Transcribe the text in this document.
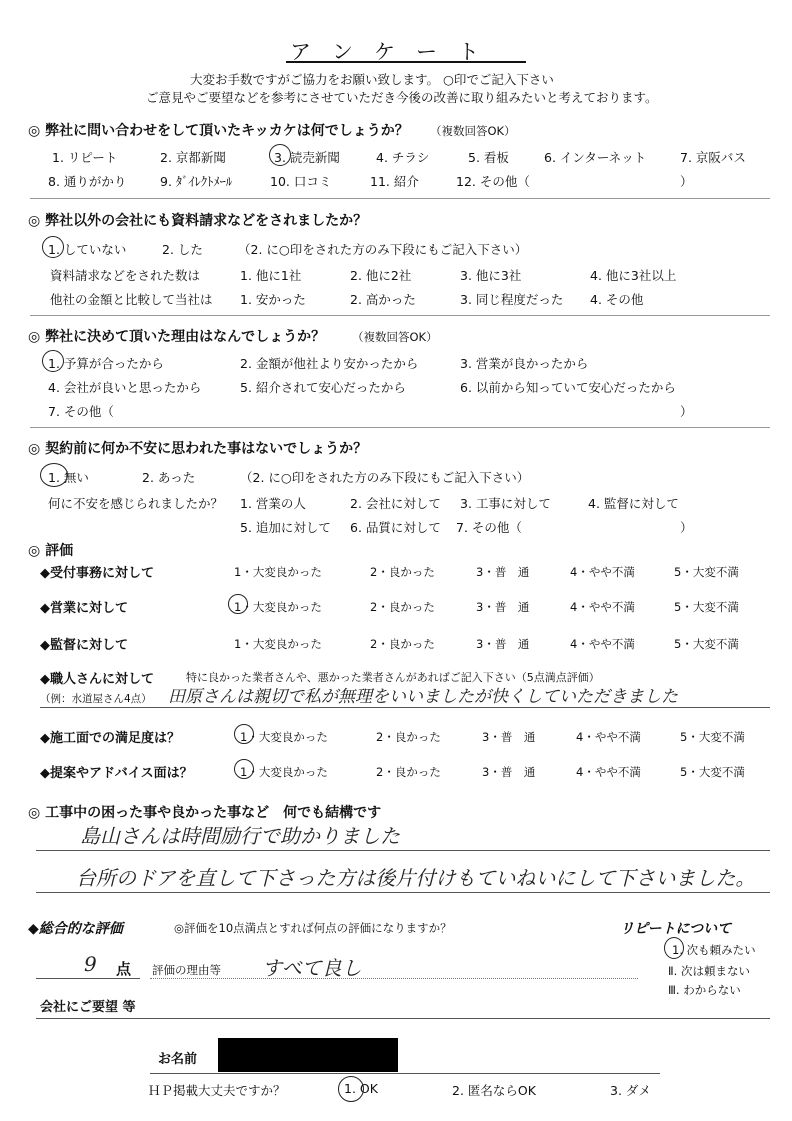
ア　ン　ケ　ー　ト
大変お手数ですがご協力をお願い致します。 ○印でご記入下さい
ご意見やご要望などを参考にさせていただき今後の改善に取り組みたいと考えております。
◎ 弊社に問い合わせをして頂いたキッカケは何でしょうか？ （複数回答OK）
1. リピート	2. 京都新聞	3. 読売新聞	4. チラシ	5. 看板	6. インターネット	7. 京阪バス
8. 通りがかり	9. ﾀﾞｲﾚｸﾄﾒｰﾙ	10. 口コミ	11. 紹介	12. その他（	）
◎ 弊社以外の会社にも資料請求などをされましたか？
1. していない	2. した	（2. に○印をされた方のみ下段にもご記入下さい）
資料請求などをされた数は	1. 他に1社	2. 他に2社	3. 他に3社	4. 他に3社以上
他社の金額と比較して当社は 1. 安かった	2. 高かった	3. 同じ程度だった 4. その他
◎ 弊社に決めて頂いた理由はなんでしょうか？ （複数回答OK）
1. 予算が合ったから	2. 金額が他社より安かったから	3. 営業が良かったから
4. 会社が良いと思ったから	5. 紹介されて安心だったから	6. 以前から知っていて安心だったから
7. その他（	）
◎ 契約前に何か不安に思われた事はないでしょうか？
1. 無い	2. あった	（2. に○印をされた方のみ下段にもご記入下さい）
何に不安を感じられましたか？ 1. 営業の人	2. 会社に対して 3. 工事に対して	4. 監督に対して
5. 追加に対して 6. 品質に対して 7. その他（	）
◎ 評価
◆受付事務に対して	1・大変良かった	2・良かった	3・普　通	4・やや不満	5・大変不満
◆営業に対して	1・大変良かった	2・良かった	3・普　通	4・やや不満	5・大変不満
◆監督に対して	1・大変良かった	2・良かった	3・普　通	4・やや不満	5・大変不満
◆職人さんに対して	特に良かった業者さんや、悪かった業者さんがあればご記入下さい（5点満点評価）
（例：水道屋さん4点） 田原さんは親切で私が無理をいいましたが快くしていただきました
◆施工面での満足度は？	1・大変良かった	2・良かった	3・普　通	4・やや不満	5・大変不満
◆提案やアドバイス面は？	1・大変良かった	2・良かった	3・普　通	4・やや不満	5・大変不満
◎ 工事中の困った事や良かった事など　何でも結構です
島山さんは時間励行で助かりました
台所のドアを直して下さった方は後片付けもていねいにして下さいました。
◆総合的な評価	◎評価を10点満点とすれば何点の評価になりますか？	リピートについて
9 点 評価の理由等 すべて良し
1. 次も頼みたい
Ⅱ. 次は頼まない
Ⅲ. わからない
会社にご要望 等
お名前
ＨＰ掲載大丈夫ですか？	1. OK	2. 匿名ならOK	3. ダメ
